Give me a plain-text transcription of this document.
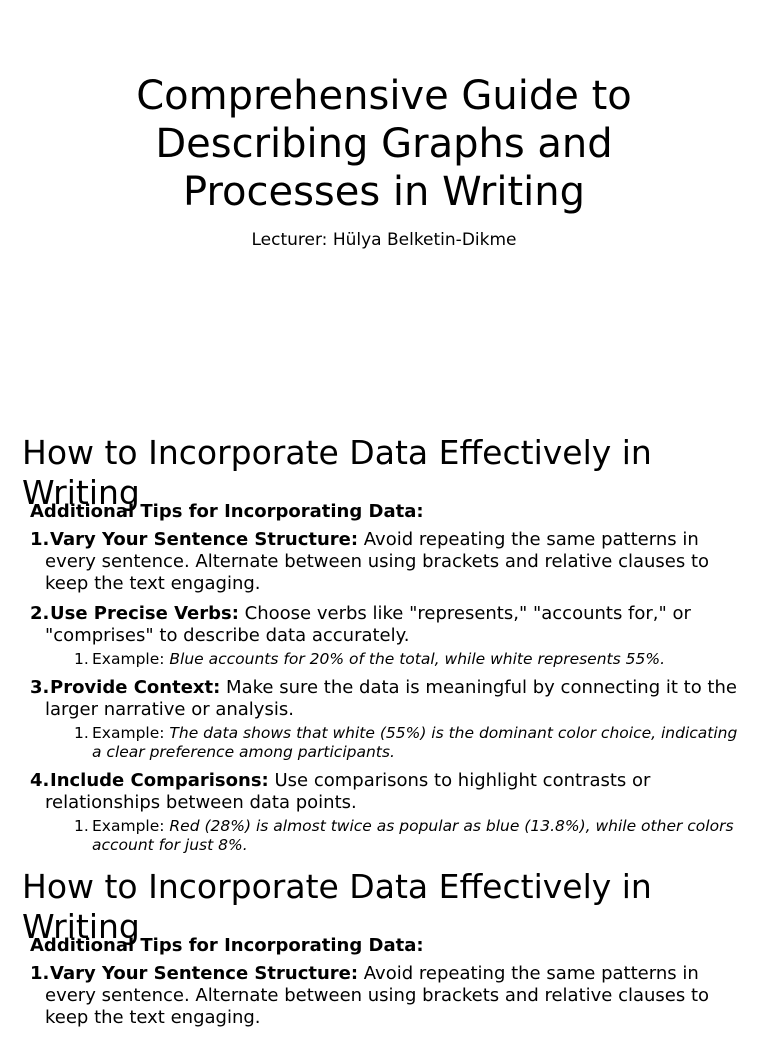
Comprehensive Guide to Describing Graphs and Processes in Writing
Lecturer: Hülya Belketin-Dikme
How to Incorporate Data Effectively in Writing
Additional Tips for Incorporating Data:
1. Vary Your Sentence Structure: Avoid repeating the same patterns in every sentence. Alternate between using brackets and relative clauses to keep the text engaging.
2. Use Precise Verbs: Choose verbs like "represents," "accounts for," or "comprises" to describe data accurately.
1. Example: Blue accounts for 20% of the total, while white represents 55%.
3. Provide Context: Make sure the data is meaningful by connecting it to the larger narrative or analysis.
1. Example: The data shows that white (55%) is the dominant color choice, indicating a clear preference among participants.
4. Include Comparisons: Use comparisons to highlight contrasts or relationships between data points.
1. Example: Red (28%) is almost twice as popular as blue (13.8%), while other colors account for just 8%.
How to Incorporate Data Effectively in Writing
Additional Tips for Incorporating Data:
1. Vary Your Sentence Structure: Avoid repeating the same patterns in every sentence. Alternate between using brackets and relative clauses to keep the text engaging.
